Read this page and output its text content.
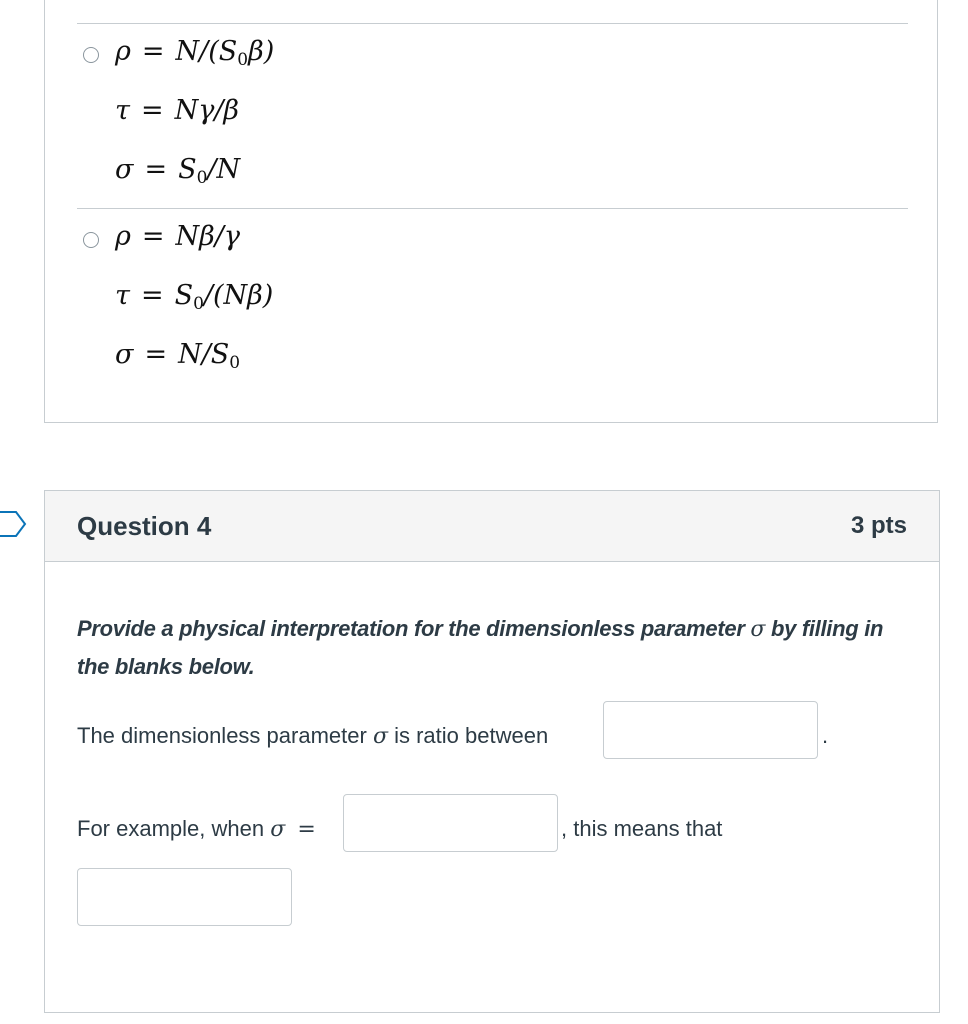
$\rho = N/(S_0\beta)$
τ = Nγ/β
$\sigma = S_0/N$
ρ = Nβ/γ
$\tau = S_0/(N\beta)$
$\sigma = N/S_0$
Question 4	3 pts
Provide a physical interpretation for the dimensionless parameter σ by filling in the blanks below.
The dimensionless parameter σ is ratio between	.
For example, when σ =	, this means that
